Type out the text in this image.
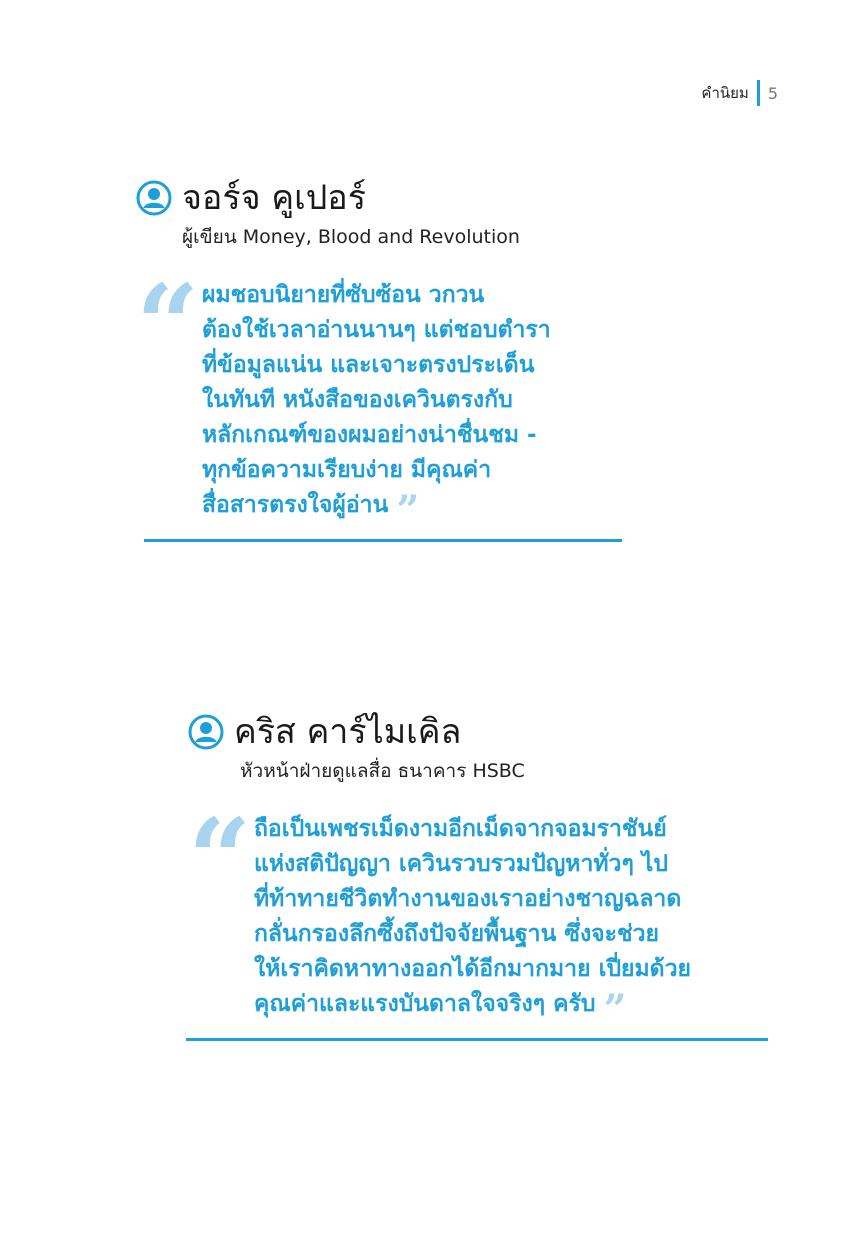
คำนิยม 5
จอร์จ คูเปอร์
ผู้เขียน Money, Blood and Revolution
“ ผมชอบนิยายที่ซับซ้อน วกวน
ต้องใช้เวลาอ่านนานๆ แต่ชอบตำรา
ที่ข้อมูลแน่น และเจาะตรงประเด็น
ในทันที หนังสือของเควินตรงกับ
หลักเกณฑ์ของผมอย่างน่าชื่นชม -
ทุกข้อความเรียบง่าย มีคุณค่า
สื่อสารตรงใจผู้อ่าน ”
คริส คาร์ไมเคิล
หัวหน้าฝ่ายดูแลสื่อ ธนาคาร HSBC
“ ถือเป็นเพชรเม็ดงามอีกเม็ดจากจอมราชันย์
แห่งสติปัญญา เควินรวบรวมปัญหาทั่วๆ ไป
ที่ท้าทายชีวิตทำงานของเราอย่างชาญฉลาด
กลั่นกรองลึกซึ้งถึงปัจจัยพื้นฐาน ซึ่งจะช่วย
ให้เราคิดหาทางออกได้อีกมากมาย เปี่ยมด้วย
คุณค่าและแรงบันดาลใจจริงๆ ครับ ”
